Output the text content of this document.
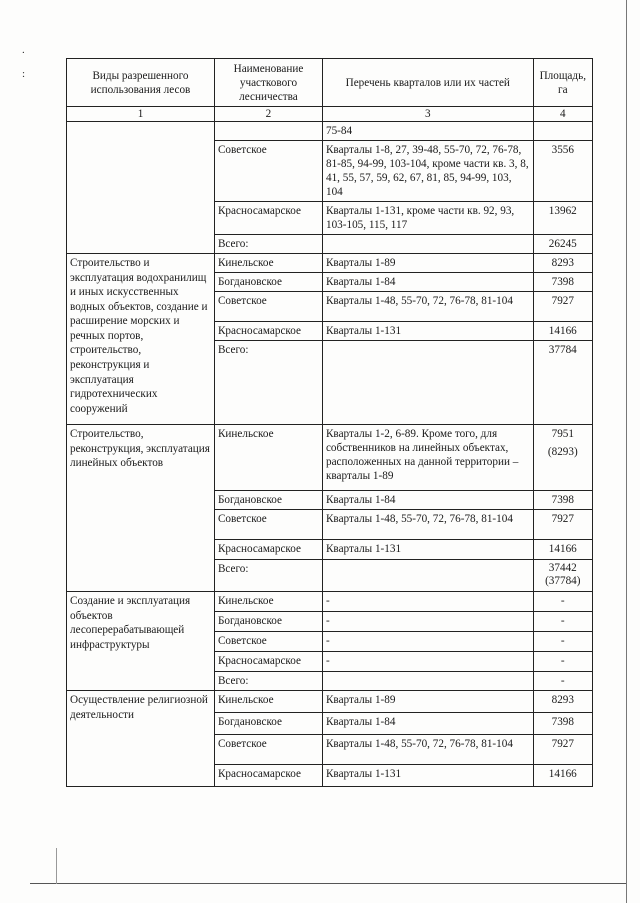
.
:	Виды разрешенного использования лесов	Наименование участкового лесничества	Перечень кварталов или их частей	Площадь, га
1	2	3	4
		75-84	
	Советское	Кварталы 1-8, 27, 39-48, 55-70, 72, 76-78, 81-85, 94-99, 103-104, кроме части кв. 3, 8, 41, 55, 57, 59, 62, 67, 81, 85, 94-99, 103, 104	3556
	Красносамарское	Кварталы 1-131, кроме части кв. 92, 93, 103-105, 115, 117	13962
	Всего:		26245
Строительство и эксплуатация водохранилищ и иных искусственных водных объектов, создание и расширение морских и речных портов, строительство, реконструкция и эксплуатация гидротехнических сооружений	Кинельское	Кварталы 1-89	8293
	Богдановское	Кварталы 1-84	7398
	Советское	Кварталы 1-48, 55-70, 72, 76-78, 81-104	7927
	Красносамарское	Кварталы 1-131	14166
	Всего:		37784
Строительство, реконструкция, эксплуатация линейных объектов	Кинельское	Кварталы 1-2, 6-89. Кроме того, для собственников на линейных объектах, расположенных на данной территории – кварталы 1-89	7951
(8293)

	Богдановское	Кварталы 1-84	7398
	Советское	Кварталы 1-48, 55-70, 72, 76-78, 81-104	7927
	Красносамарское	Кварталы 1-131	14166
	Всего:		37442
(37784)

Создание и эксплуатация объектов лесоперерабатывающей инфраструктуры	Кинельское	-	-
	Богдановское	-	-
	Советское	-	-
	Красносамарское	-	-
	Всего:		-
Осуществление религиозной деятельности	Кинельское	Кварталы 1-89	8293
	Богдановское	Кварталы 1-84	7398
	Советское	Кварталы 1-48, 55-70, 72, 76-78, 81-104	7927
	Красносамарское	Кварталы 1-131	14166
